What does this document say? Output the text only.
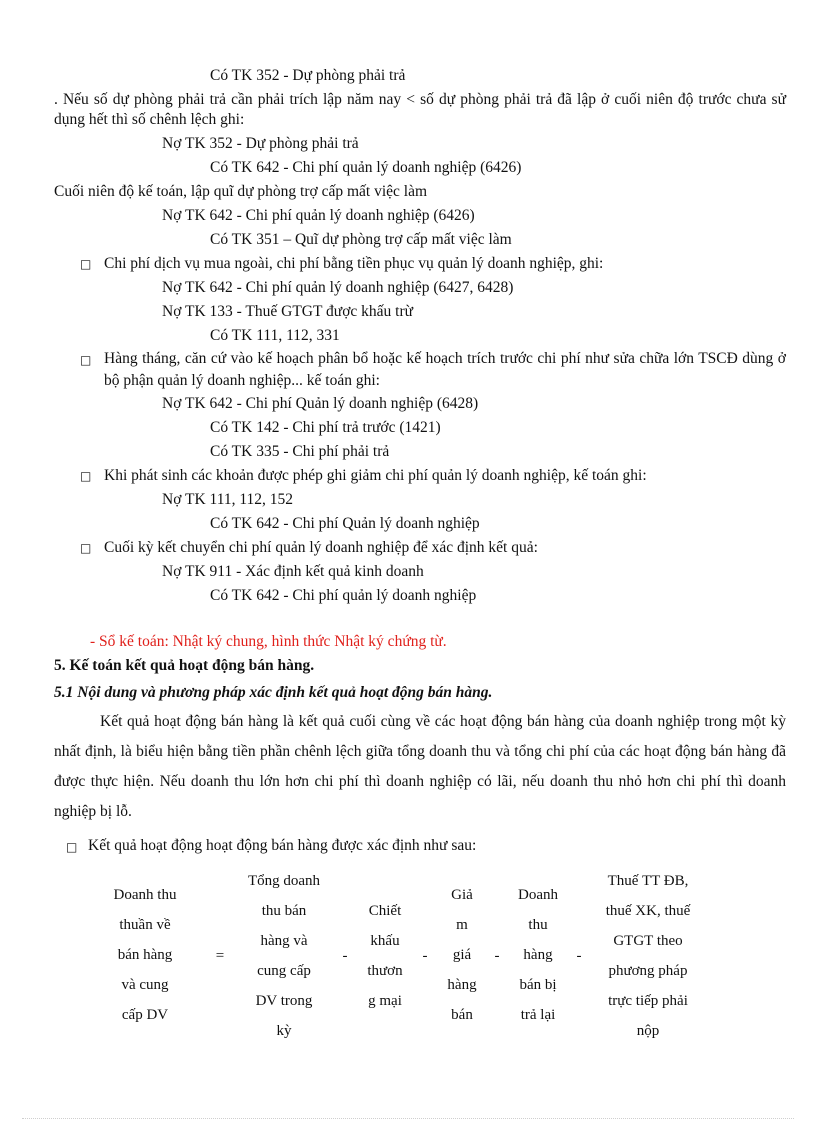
Có TK 352 - Dự phòng phải trả
. Nếu số dự phòng phải trả cần phải trích lập năm nay < số dự phòng phải trả đã lập ở cuối niên độ trước chưa sử dụng hết thì số chênh lệch ghi:
Nợ TK 352 - Dự phòng phải trả
Có TK 642 - Chi phí quản lý doanh nghiệp (6426)
Cuối niên độ kế toán, lập quĩ dự phòng trợ cấp mất việc làm
Nợ TK 642 - Chi phí quản lý doanh nghiệp (6426)
Có TK 351 – Quĩ dự phòng trợ cấp mất việc làm
□ Chi phí dịch vụ mua ngoài, chi phí bằng tiền phục vụ quản lý doanh nghiệp, ghi:
Nợ TK 642 - Chi phí quản lý doanh nghiệp (6427, 6428)
Nợ TK 133 - Thuế GTGT được khấu trừ
Có TK 111, 112, 331
□ Hàng tháng, căn cứ vào kế hoạch phân bổ hoặc kế hoạch trích trước chi phí như sửa chữa lớn TSCĐ dùng ở bộ phận quản lý doanh nghiệp... kế toán ghi:
Nợ TK 642 - Chi phí Quản lý doanh nghiệp (6428)
Có TK 142 - Chi phí trả trước (1421)
Có TK 335 - Chi phí phải trả
□ Khi phát sinh các khoản được phép ghi giảm chi phí quản lý doanh nghiệp, kế toán ghi:
Nợ TK 111, 112, 152
Có TK 642 - Chi phí Quản lý doanh nghiệp
□ Cuối kỳ kết chuyển chi phí quản lý doanh nghiệp để xác định kết quả:
Nợ TK 911 - Xác định kết quả kinh doanh
Có TK 642 - Chi phí quản lý doanh nghiệp
- Sổ kế toán: Nhật ký chung, hình thức Nhật ký chứng từ.
5. Kế toán kết quả hoạt động bán hàng.
5.1 Nội dung và phương pháp xác định kết quả hoạt động bán hàng.
Kết quả hoạt động bán hàng là kết quả cuối cùng về các hoạt động bán hàng của doanh nghiệp trong một kỳ nhất định, là biểu hiện bằng tiền phần chênh lệch giữa tổng doanh thu và tổng chi phí của các hoạt động bán hàng đã được thực hiện. Nếu doanh thu lớn hơn chi phí thì doanh nghiệp có lãi, nếu doanh thu nhỏ hơn chi phí thì doanh nghiệp bị lỗ.
□ Kết quả hoạt động hoạt động bán hàng được xác định như sau:
Doanh thu
thuần về
bán hàng
và cung
cấp DV
=
Tổng doanh
thu bán
hàng và
cung cấp
DV trong
kỳ
-
Chiết
khấu
thươn
g mại
-
Giả
m
giá
hàng
bán
-
Doanh
thu
hàng
bán bị
trả lại
-
Thuế TT ĐB,
thuế XK, thuế
GTGT theo
phương pháp
trực tiếp phải
nộp
